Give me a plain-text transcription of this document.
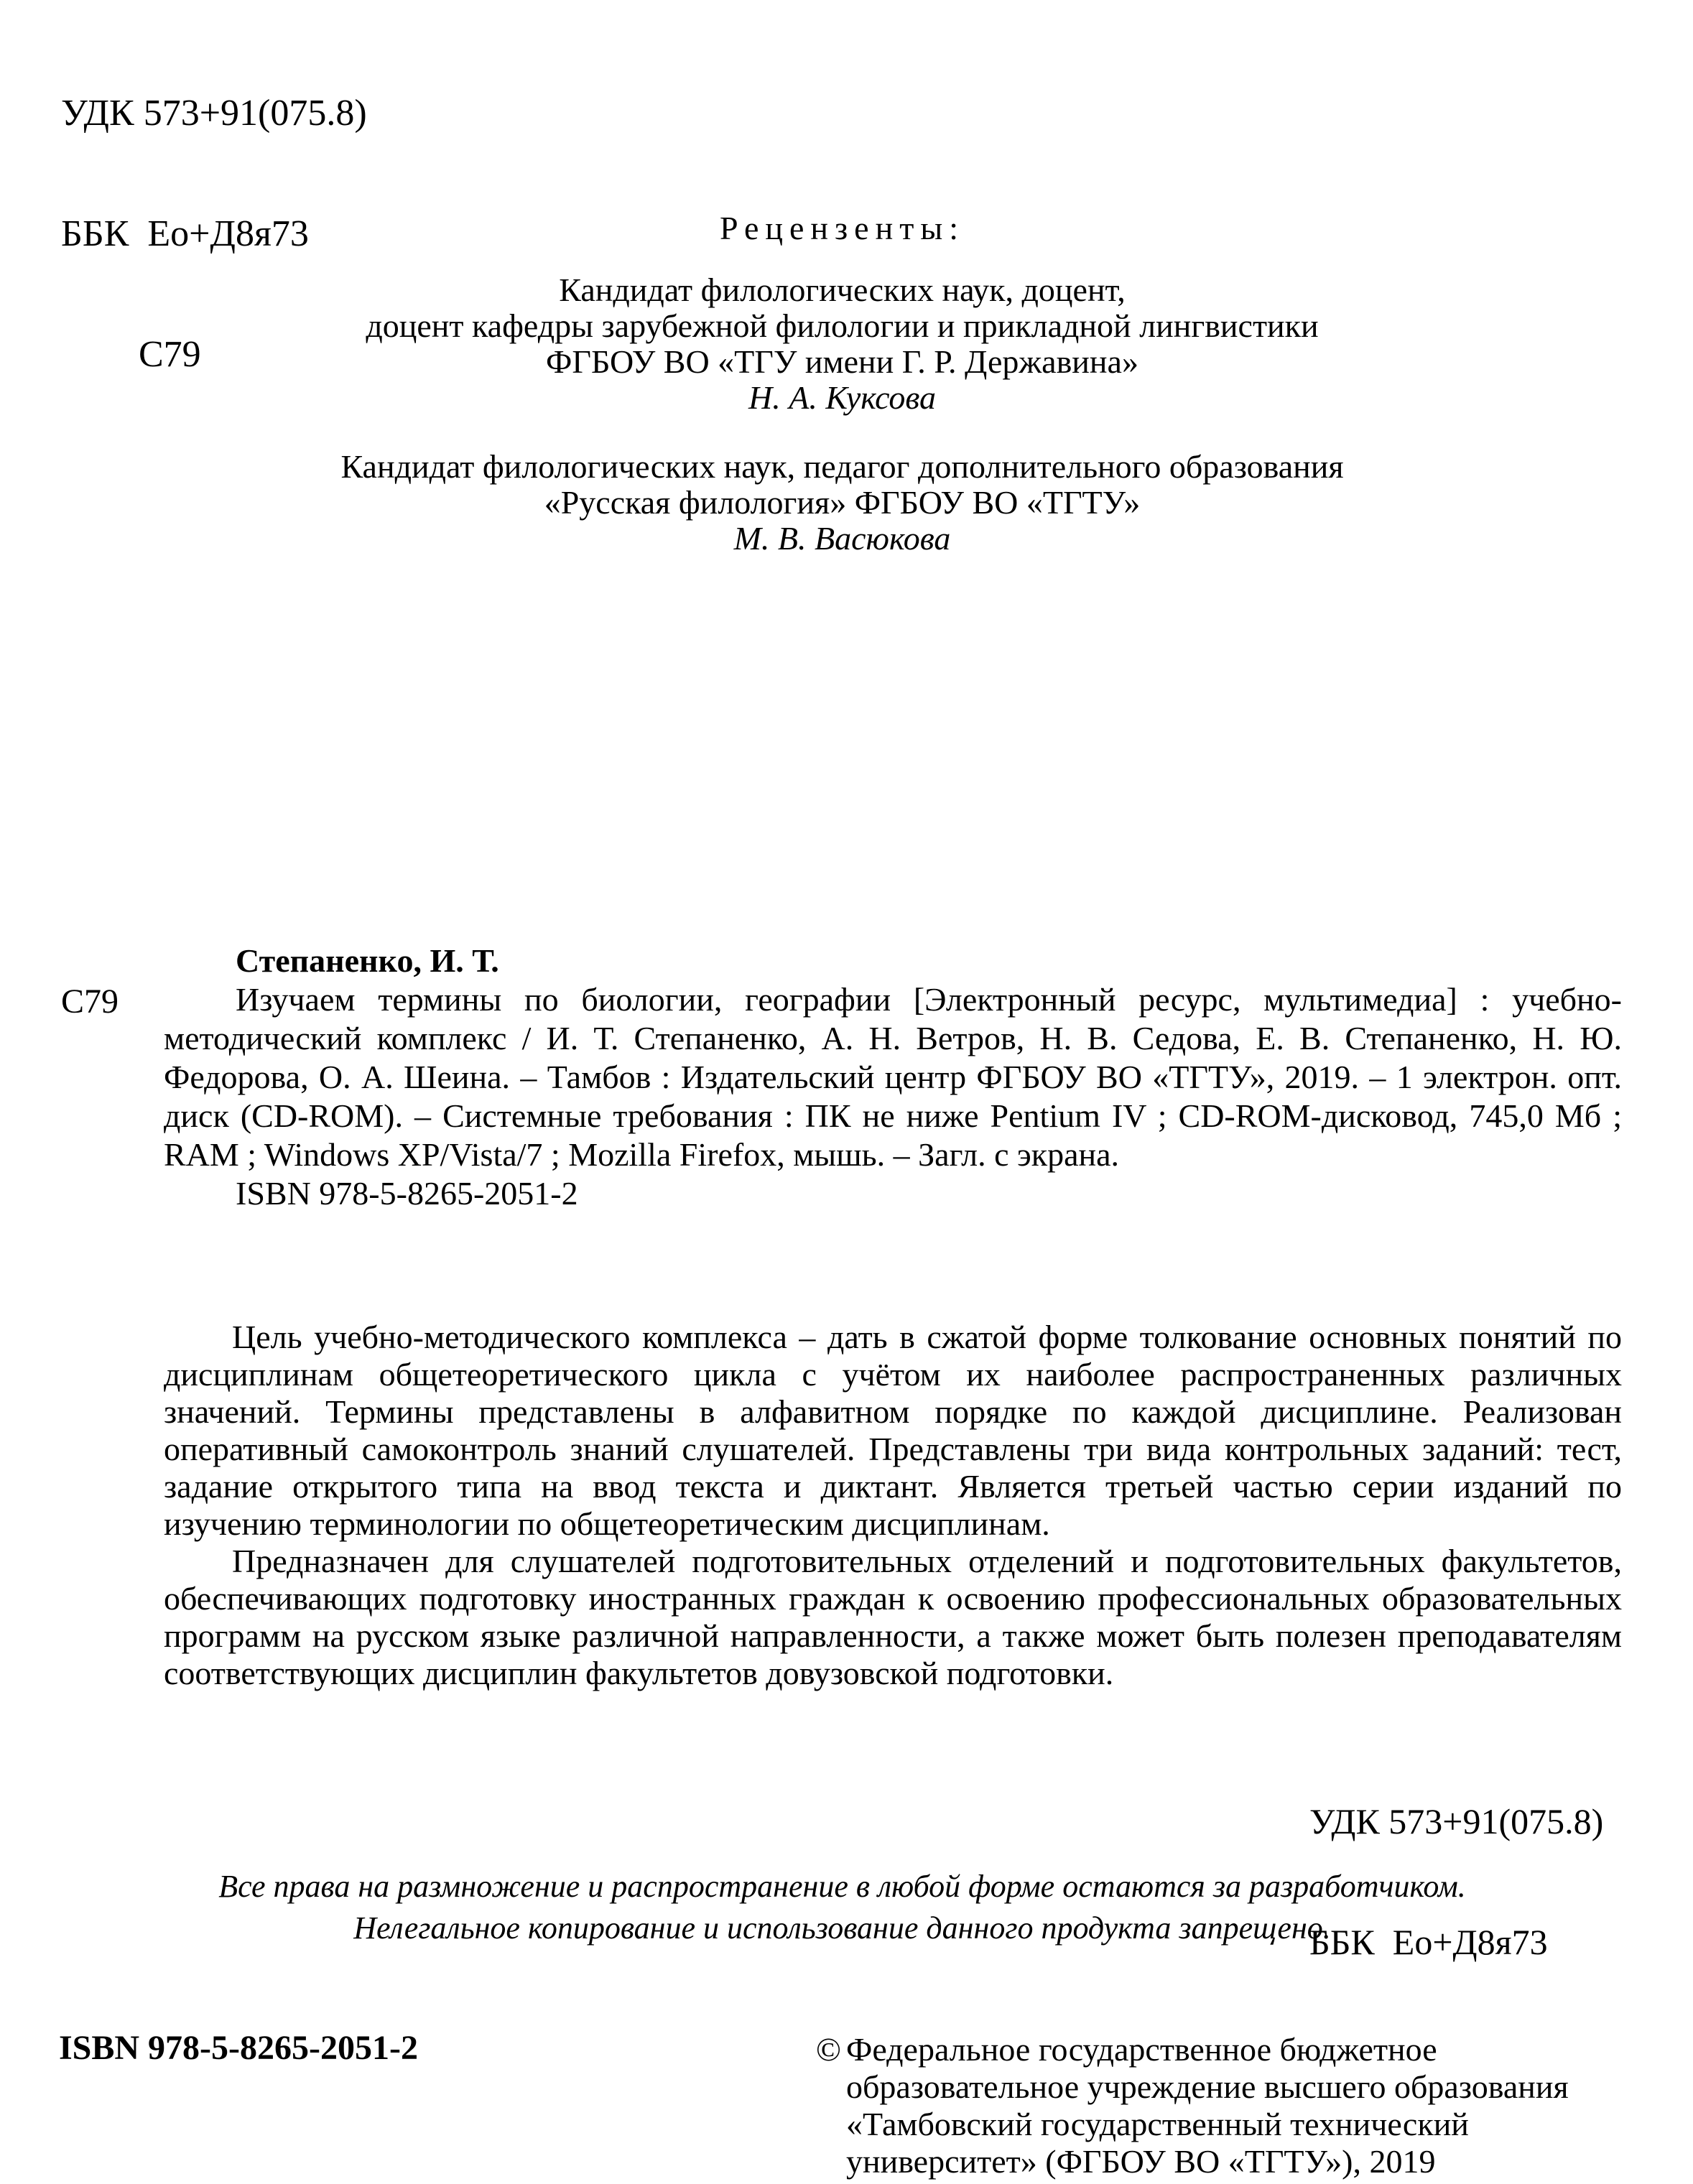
УДК 573+91(075.8)

ББК  Ео+Д8я73

С79

Рецензенты:
Кандидат филологических наук, доцент,
доцент кафедры зарубежной филологии и прикладной лингвистики
ФГБОУ ВО «ТГУ имени Г. Р. Державина»
Н. А. Куксова
Кандидат филологических наук, педагог дополнительного образования
«Русская филология» ФГБОУ ВО «ТГТУ»
М. В. Васюкова
С79
Степаненко, И. Т.

Изучаем термины по биологии, географии [Электронный ресурс, мультимедиа] : учебно-методический комплекс / И. Т. Степаненко, А. Н. Ветров, Н. В. Седова, Е. В. Степаненко, Н. Ю. Федорова, О. А. Шеина. – Тамбов : Издательский центр ФГБОУ ВО «ТГТУ», 2019. – 1 электрон. опт. диск (CD-ROM). – Системные требования : ПК не ниже Pentium IV ; CD-ROM-дисковод, 745,0 Мб ; RAM ; Windows XP/Vista/7 ; Mozilla Firefox, мышь. – Загл. с экрана.

ISBN 978-5-8265-2051-2

Цель учебно-методического комплекса – дать в сжатой форме толкование основных понятий по дисциплинам общетеоретического цикла с учётом их наиболее распространенных различных значений. Термины представлены в алфавитном порядке по каждой дисциплине. Реализован оперативный самоконтроль знаний слушателей. Представлены три вида контрольных заданий: тест, задание открытого типа на ввод текста и диктант. Является третьей частью серии изданий по изучению терминологии по общетеоретическим дисциплинам.

Предназначен для слушателей подготовительных отделений и подготовительных факультетов, обеспечивающих подготовку иностранных граждан к освоению профессиональных образовательных программ на русском языке различной направленности, а также может быть полезен преподавателям соответствующих дисциплин факультетов довузовской подготовки.

УДК 573+91(075.8)

ББК  Ео+Д8я73

Все права на размножение и распространение в любой форме остаются за разработчиком.
Нелегальное копирование и использование данного продукта запрещено.
ISBN 978-5-8265-2051-2	© Федеральное государственное бюджетное
образовательное учреждение высшего образования
«Тамбовский государственный технический
университет» (ФГБОУ ВО «ТГТУ»), 2019
